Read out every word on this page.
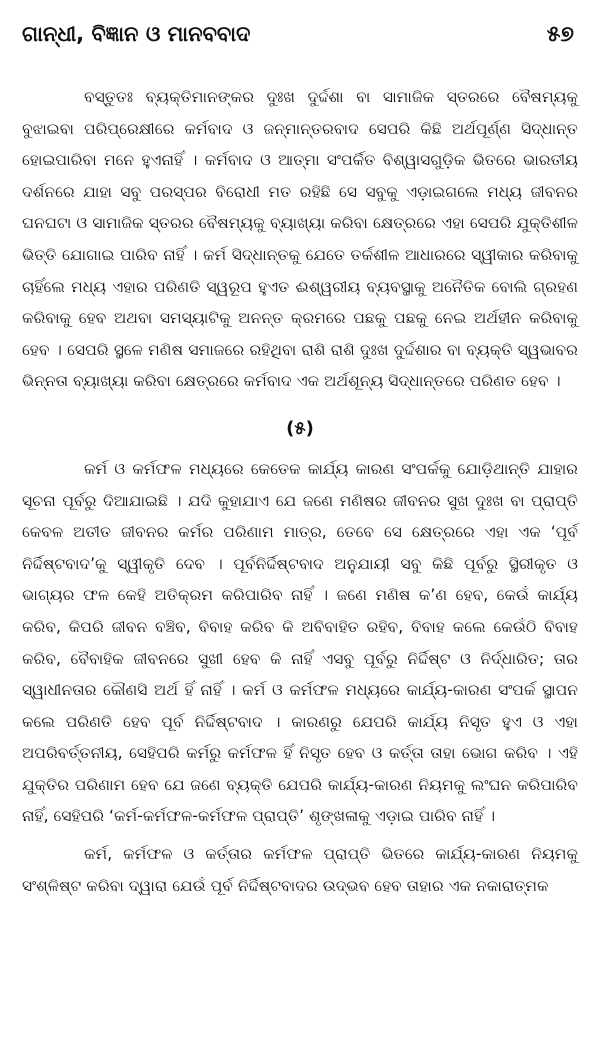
ଗାନ୍ଧୀ, ବିଜ୍ଞାନ ଓ ମାନବବାଦ	୫୭

ବସ୍ତୁତଃ ବ୍ୟକ୍ତିମାନଙ୍କର ଦୁଃଖ ଦୁର୍ଦ୍ଦଶା ବା ସାମାଜିକ ସ୍ତରରେ ବୈଷମ୍ୟକୁ ବୁଝାଇବା ପରିପ୍ରେକ୍ଷୀରେ କର୍ମବାଦ ଓ ଜନ୍ମାନ୍ତରବାଦ ସେପରି କିଛି ଅର୍ଥପୂର୍ଣ୍ଣ ସିଦ୍ଧାନ୍ତ ହୋଇପାରିବା ମନେ ହୁଏନାହିଁ । କର୍ମବାଦ ଓ ଆତ୍ମା ସଂପର୍କିତ ବିଶ୍ୱାସଗୁଡ଼ିକ ଭିତରେ ଭାରତୀୟ ଦର୍ଶନରେ ଯାହା ସବୁ ପରସ୍ପର ବିରୋଧୀ ମତ ରହିଛି ସେ ସବୁକୁ ଏଡ଼ାଇଗଲେ ମଧ୍ୟ ଜୀବନର ଘନଘଟା ଓ ସାମାଜିକ ସ୍ତରର ବୈଷମ୍ୟକୁ ବ୍ୟାଖ୍ୟା କରିବା କ୍ଷେତ୍ରରେ ଏହା ସେପରି ଯୁକ୍ତିଶୀଳ ଭିତ୍ତି ଯୋଗାଇ ପାରିବ ନାହିଁ । କର୍ମ ସିଦ୍ଧାନ୍ତକୁ ଯେତେ ତର୍କଶୀଳ ଆଧାରରେ ସ୍ୱୀକାର କରିବାକୁ ଚାହିଁଲେ ମଧ୍ୟ ଏହାର ପରିଣତି ସ୍ୱରୂପ ହୁଏତ ଈଶ୍ୱରୀୟ ବ୍ୟବସ୍ଥାକୁ ଅନୈତିକ ବୋଲି ଗ୍ରହଣ କରିବାକୁ ହେବ ଅଥବା ସମସ୍ୟାଟିକୁ ଅନନ୍ତ କ୍ରମରେ ପଛକୁ ପଛକୁ ନେଇ ଅର୍ଥହୀନ କରିବାକୁ ହେବ । ସେପରି ସ୍ଥଳେ ମଣିଷ ସମାଜରେ ରହିଥିବା ରାଶି ରାଶି ଦୁଃଖ ଦୁର୍ଦ୍ଦଶାର ବା ବ୍ୟକ୍ତି ସ୍ୱଭାବର ଭିନ୍ନତା ବ୍ୟାଖ୍ୟା କରିବା କ୍ଷେତ୍ରରେ କର୍ମବାଦ ଏକ ଅର୍ଥଶୂନ୍ୟ ସିଦ୍ଧାନ୍ତରେ ପରିଣତ ହେବ ।

(୫)

କର୍ମ ଓ କର୍ମଫଳ ମଧ୍ୟରେ କେତେକ କାର୍ଯ୍ୟ କାରଣ ସଂପର୍କକୁ ଯୋଡ଼ିଥାନ୍ତି ଯାହାର ସୂଚନା ପୂର୍ବରୁ ଦିଆଯାଇଛି । ଯଦି କୁହାଯାଏ ଯେ ଜଣେ ମଣିଷର ଜୀବନର ସୁଖ ଦୁଃଖ ବା ପ୍ରାପ୍ତି କେବଳ ଅତୀତ ଜୀବନର କର୍ମର ପରିଣାମ ମାତ୍ର, ତେବେ ସେ କ୍ଷେତ୍ରରେ ଏହା ଏକ ‘ପୂର୍ବ ନିର୍ଦ୍ଦିଷ୍ଟବାଦ’କୁ ସ୍ୱୀକୃତି ଦେବ । ପୂର୍ବନିର୍ଦ୍ଦିଷ୍ଟବାଦ ଅନୁଯାୟୀ ସବୁ କିଛି ପୂର୍ବରୁ ସ୍ଥିରୀକୃତ ଓ ଭାଗ୍ୟର ଫଳ କେହି ଅତିକ୍ରମ କରିପାରିବ ନାହିଁ । ଜଣେ ମଣିଷ କ’ଣ ହେବ, କେଉଁ କାର୍ଯ୍ୟ କରିବ, କିପରି ଜୀବନ ବଞ୍ଚିବ, ବିବାହ କରିବ କି ଅବିବାହିତ ରହିବ, ବିବାହ କଲେ କେଉଁଠି ବିବାହ କରିବ, ବୈବାହିକ ଜୀବନରେ ସୁଖୀ ହେବ କି ନାହିଁ ଏସବୁ ପୂର୍ବରୁ ନିର୍ଦ୍ଦିଷ୍ଟ ଓ ନିର୍ଦ୍ଧାରିତ; ତାର ସ୍ୱାଧୀନତାର କୌଣସି ଅର୍ଥ ହିଁ ନାହିଁ । କର୍ମ ଓ କର୍ମଫଳ ମଧ୍ୟରେ କାର୍ଯ୍ୟ-କାରଣ ସଂପର୍କ ସ୍ଥାପନ କଲେ ପରିଣତି ହେବ ପୂର୍ବ ନିର୍ଦ୍ଦିଷ୍ଟବାଦ । କାରଣରୁ ଯେପରି କାର୍ଯ୍ୟ ନିସୃତ ହୁଏ ଓ ଏହା ଅପରିବର୍ତ୍ତନୀୟ, ସେହିପରି କର୍ମରୁ କର୍ମଫଳ ହିଁ ନିସୃତ ହେବ ଓ କର୍ତ୍ତା ତାହା ଭୋଗ କରିବ । ଏହି ଯୁକ୍ତିର ପରିଣାମ ହେବ ଯେ ଜଣେ ବ୍ୟକ୍ତି ଯେପରି କାର୍ଯ୍ୟ-କାରଣ ନିୟମକୁ ଲଂଘନ କରିପାରିବ ନାହିଁ, ସେହିପରି ‘କର୍ମ-କର୍ମଫଳ-କର୍ମଫଳ ପ୍ରାପ୍ତି’ ଶୃଙ୍ଖଳାକୁ ଏଡ଼ାଇ ପାରିବ ନାହିଁ ।

କର୍ମ, କର୍ମଫଳ ଓ କର୍ତ୍ତାର କର୍ମଫଳ ପ୍ରାପ୍ତି ଭିତରେ କାର୍ଯ୍ୟ-କାରଣ ନିୟମକୁ ସଂଶ୍ଳିଷ୍ଟ କରିବା ଦ୍ୱାରା ଯେଉଁ ପୂର୍ବ ନିର୍ଦ୍ଦିଷ୍ଟବାଦର ଉଦ୍ଭବ ହେବ ତାହାର ଏକ ନକାରାତ୍ମକ
